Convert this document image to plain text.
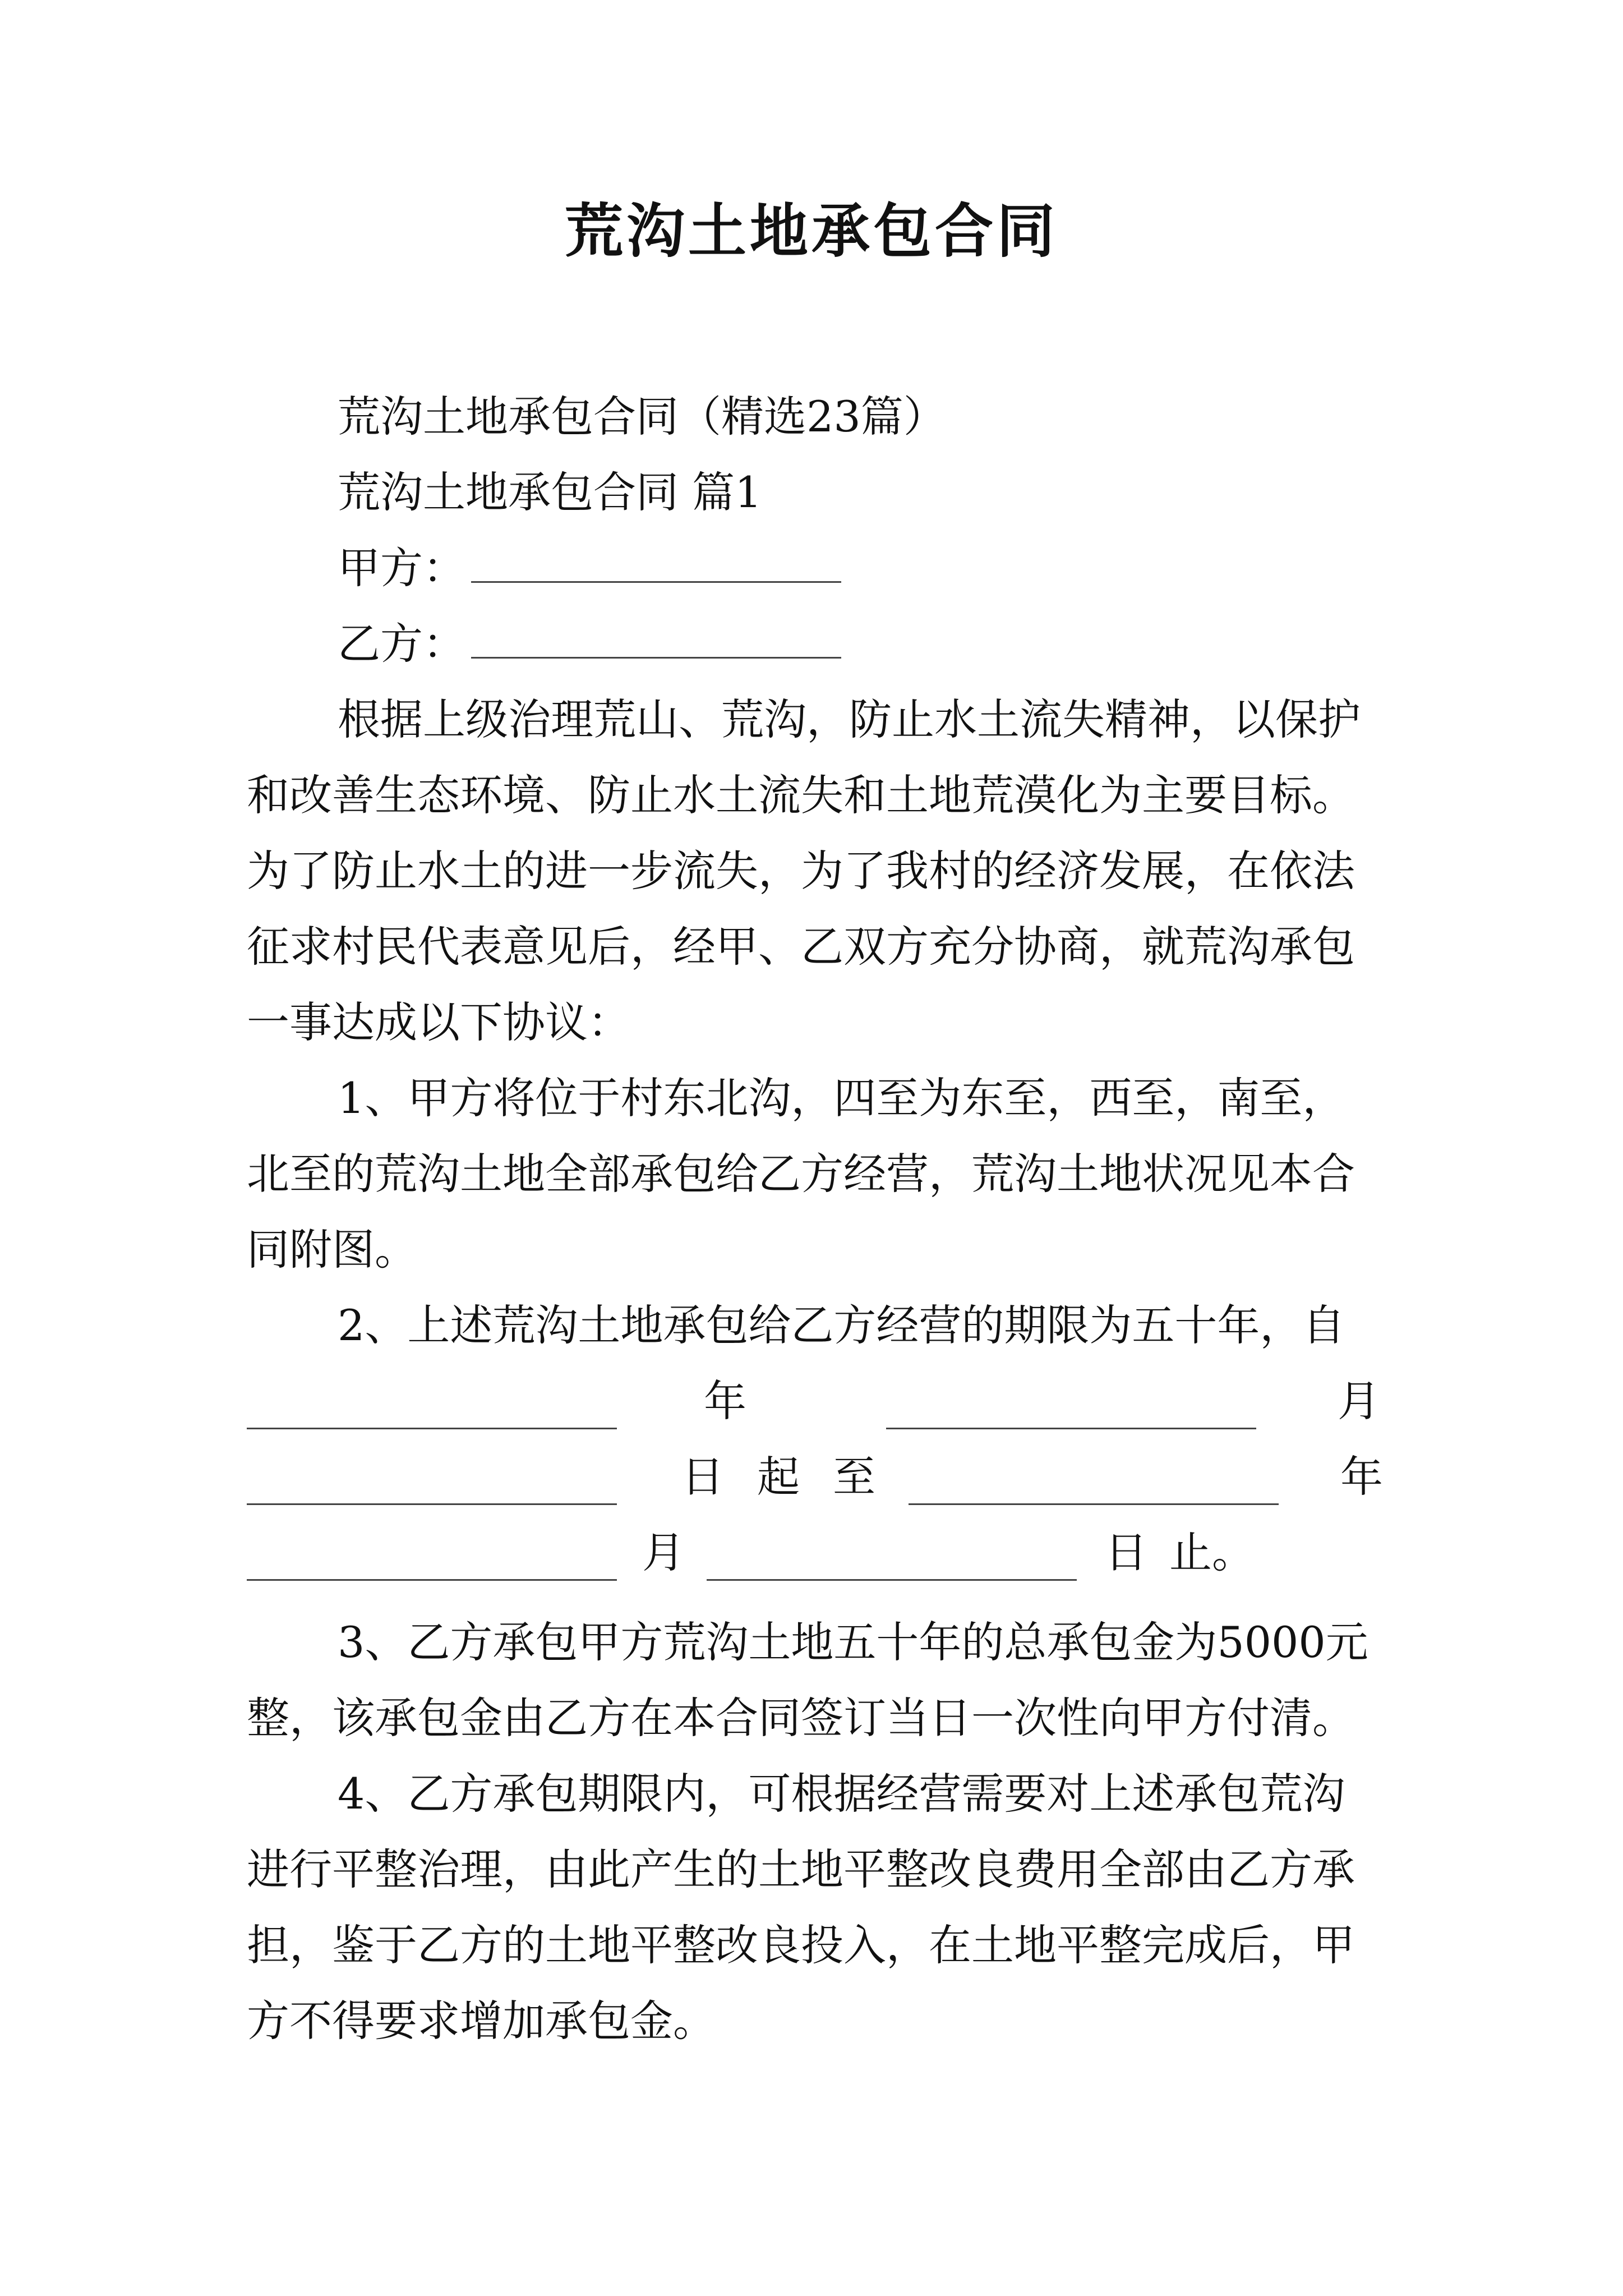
荒沟土地承包合同
荒沟土地承包合同（精选23篇）
荒沟土地承包合同 篇1
甲方：
乙方：
根据上级治理荒山、荒沟，防止水土流失精神，以保护
和改善生态环境、防止水土流失和土地荒漠化为主要目标。
为了防止水土的进一步流失，为了我村的经济发展，在依法
征求村民代表意见后，经甲、乙双方充分协商，就荒沟承包
一事达成以下协议：
1、甲方将位于村东北沟，四至为东至，西至，南至，
北至的荒沟土地全部承包给乙方经营，荒沟土地状况见本合
同附图。
2、上述荒沟土地承包给乙方经营的期限为五十年，自
年	月
日 起 至	年
月	日 止。
3、乙方承包甲方荒沟土地五十年的总承包金为5000元
整，该承包金由乙方在本合同签订当日一次性向甲方付清。
4、乙方承包期限内，可根据经营需要对上述承包荒沟
进行平整治理，由此产生的土地平整改良费用全部由乙方承
担，鉴于乙方的土地平整改良投入，在土地平整完成后，甲
方不得要求增加承包金。
